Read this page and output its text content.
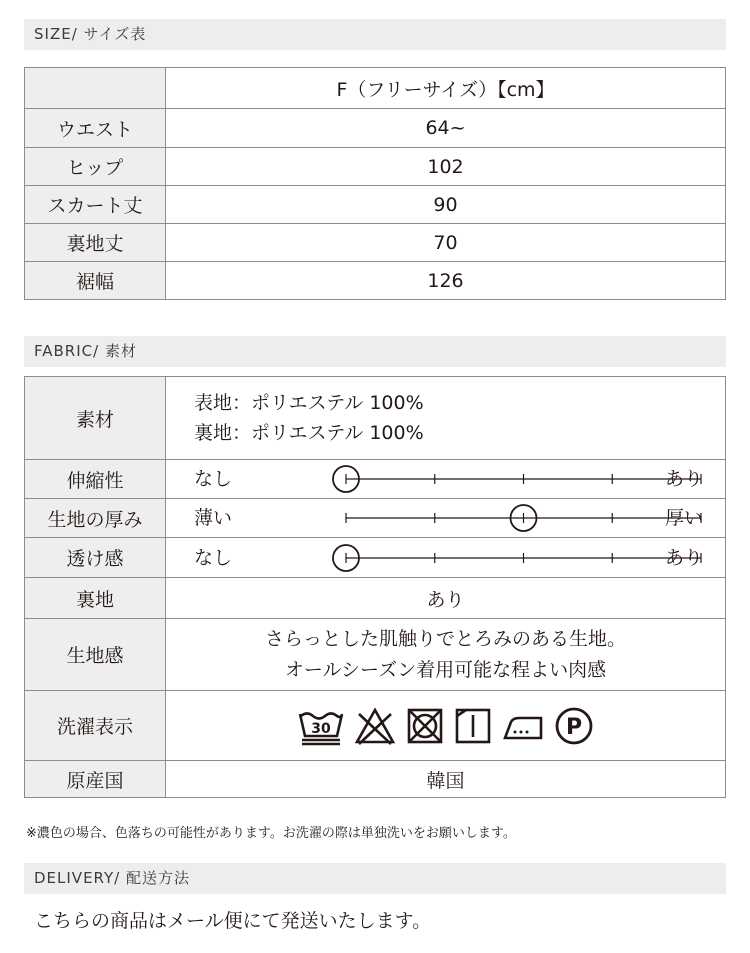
SIZE/ サイズ表
	F（フリーサイズ）【cm】
ウエスト	64~
ヒップ	102
スカート丈	90
裏地丈	70
裾幅	126
FABRIC/ 素材
素材	表地：ポリエステル 100%
裏地：ポリエステル 100%

伸縮性	なし あり

生地の厚み	薄い 厚い

透け感	なし あり

裏地	あり
生地感	さらっとした肌触りでとろみのある生地。
オールシーズン着用可能な程よい肉感

洗濯表示	30 P

原産国	韓国
※濃色の場合、色落ちの可能性があります。お洗濯の際は単独洗いをお願いします。
DELIVERY/ 配送方法
こちらの商品はメール便にて発送いたします。
